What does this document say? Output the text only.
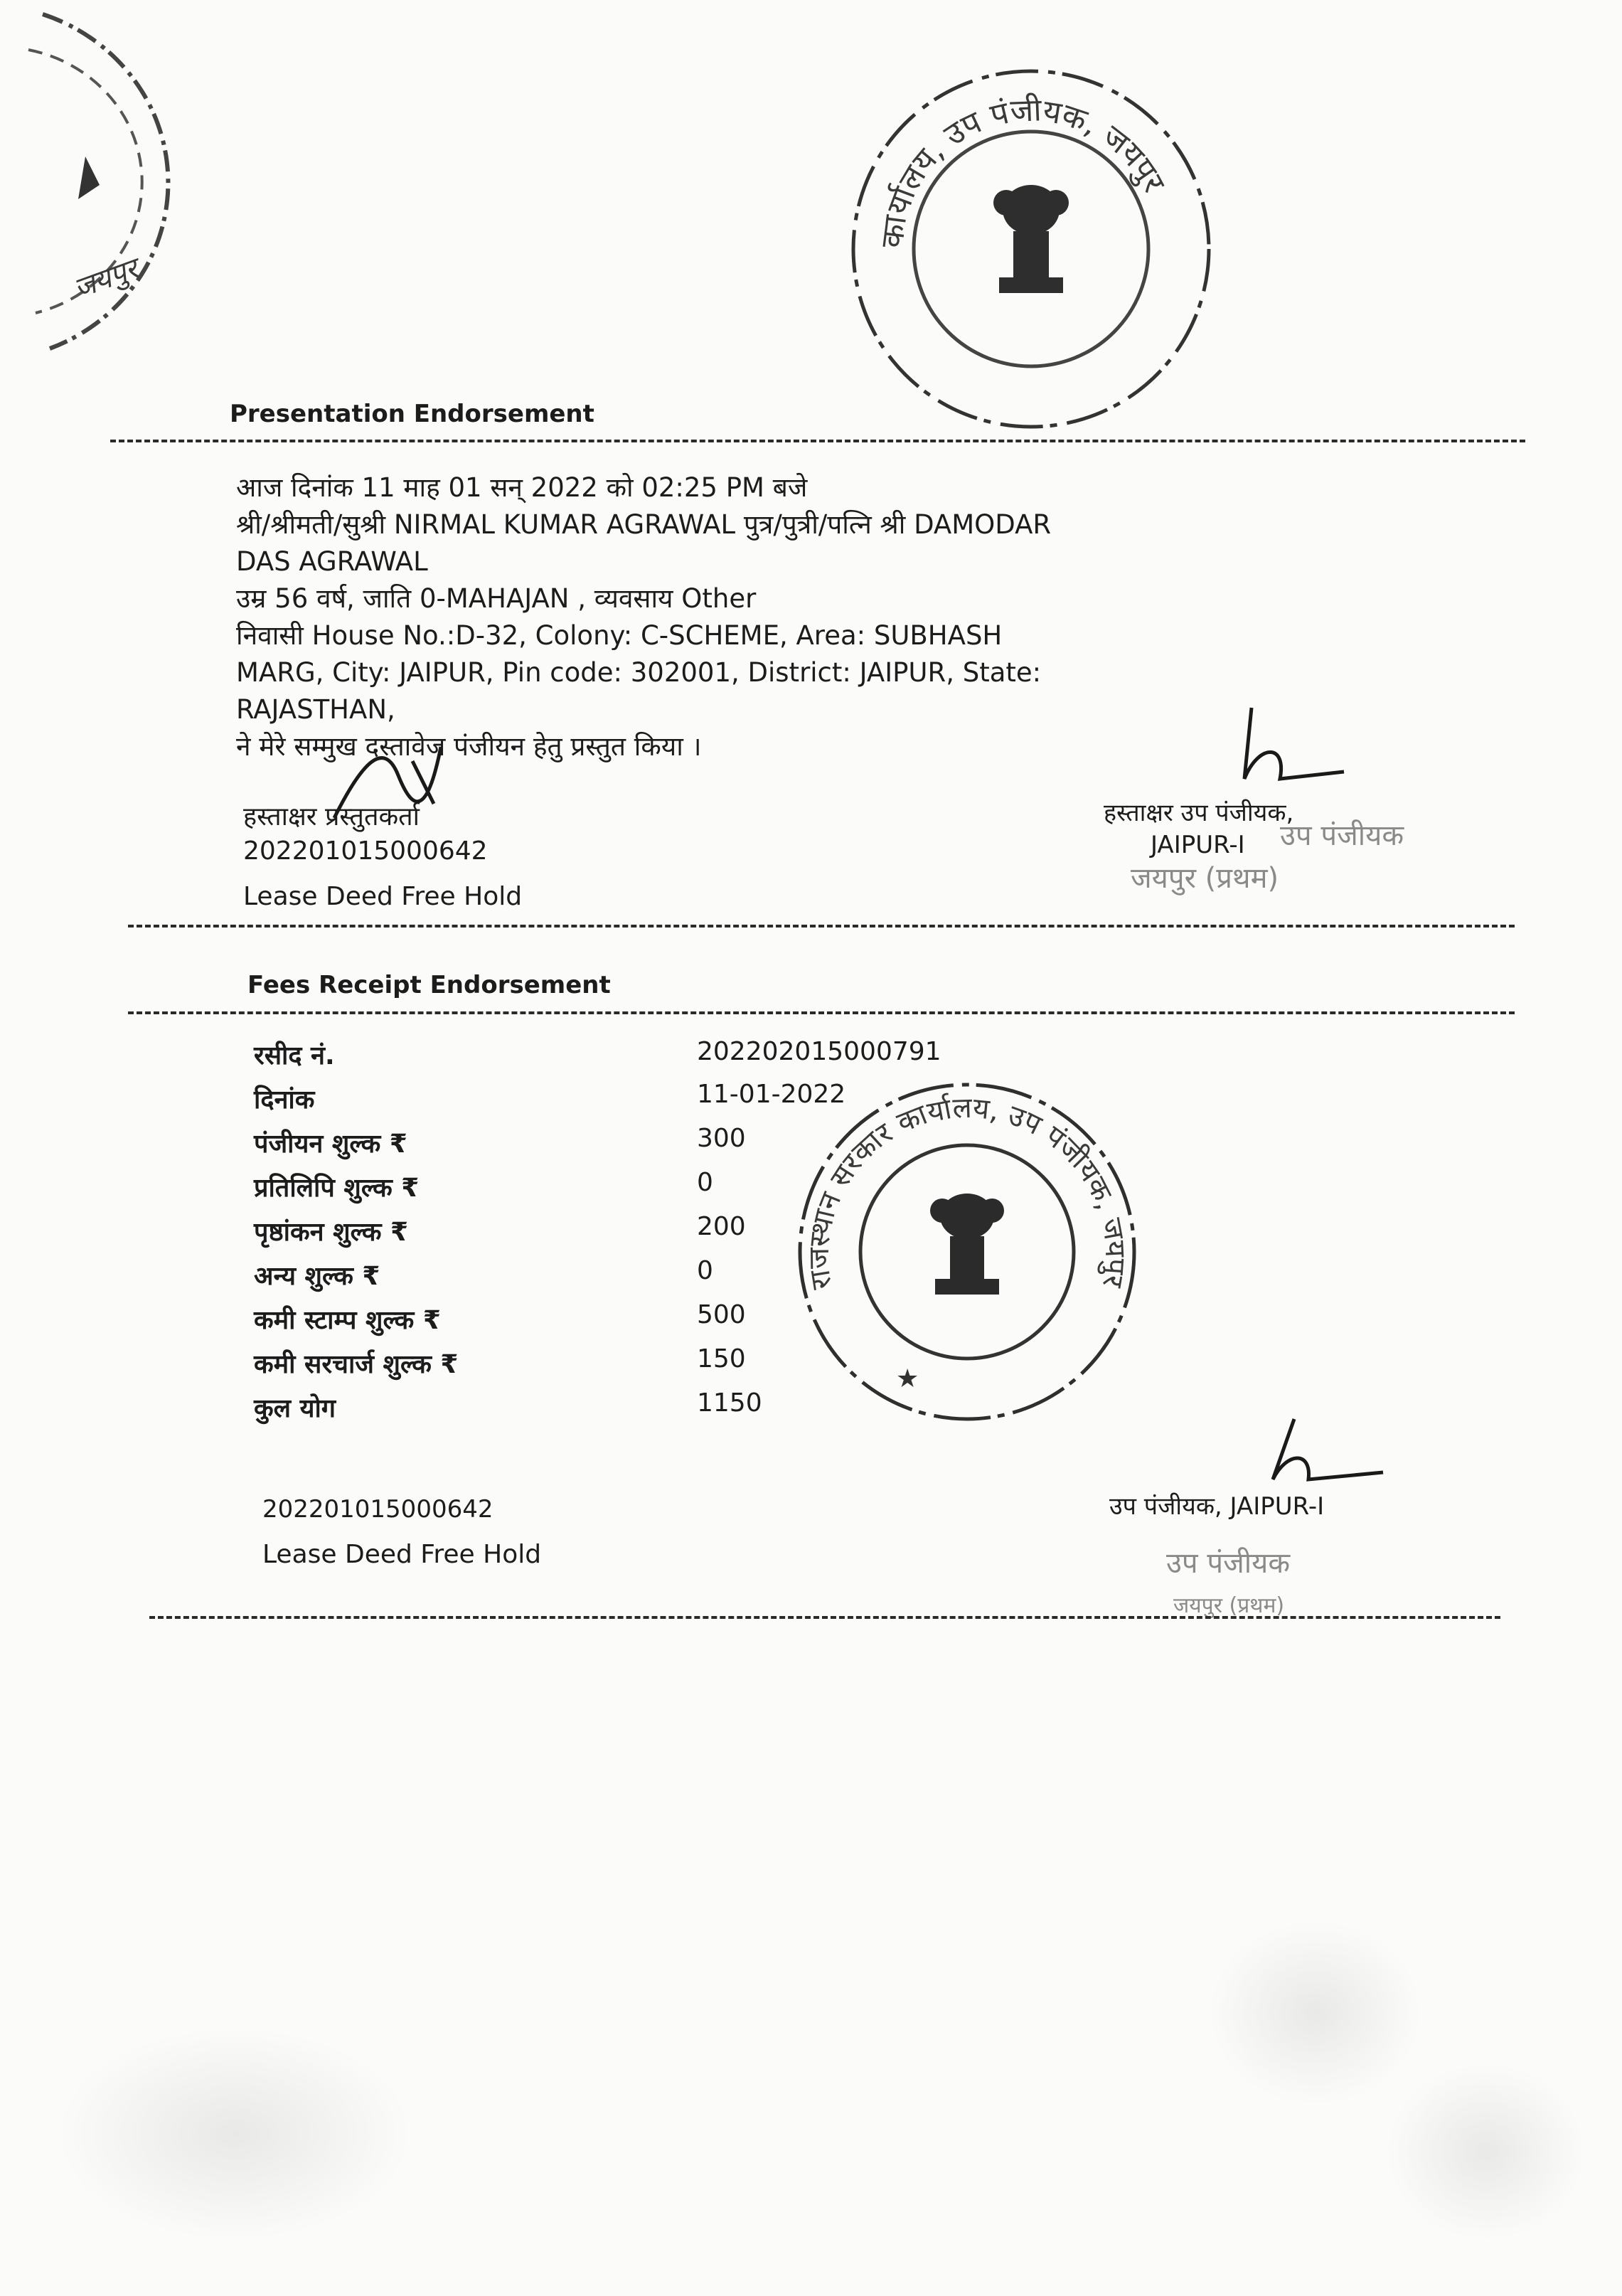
जयपुर
कार्यालय, उप पंजीयक, जयपुर
Presentation Endorsement
आज दिनांक 11 माह 01 सन् 2022 को 02:25 PM बजे
श्री/श्रीमती/सुश्री NIRMAL KUMAR AGRAWAL पुत्र/पुत्री/पत्नि श्री DAMODAR
DAS AGRAWAL
उम्र 56 वर्ष, जाति 0-MAHAJAN , व्यवसाय Other
निवासी House No.:D-32, Colony: C-SCHEME, Area: SUBHASH
MARG, City: JAIPUR, Pin code: 302001, District: JAIPUR, State:
RAJASTHAN,
ने मेरे सम्मुख दस्तावेज पंजीयन हेतु प्रस्तुत किया ।
हस्ताक्षर प्रस्तुतकर्ता
202201015000642
Lease Deed Free Hold
हस्ताक्षर उप पंजीयक,
JAIPUR-I उप पंजीयक
जयपुर (प्रथम)
Fees Receipt Endorsement
रसीद नं.	202202015000791
दिनांक	11-01-2022
पंजीयन शुल्क ₹	300
प्रतिलिपि शुल्क ₹	0
पृष्ठांकन शुल्क ₹	200
अन्य शुल्क ₹	0
कमी स्टाम्प शुल्क ₹	500
कमी सरचार्ज शुल्क ₹	150
कुल योग	1150
राजस्थान सरकार कार्यालय, उप पंजीयक, जयपुर
★
202201015000642	उप पंजीयक, JAIPUR-I
Lease Deed Free Hold	उप पंजीयक
जयपुर (प्रथम)
